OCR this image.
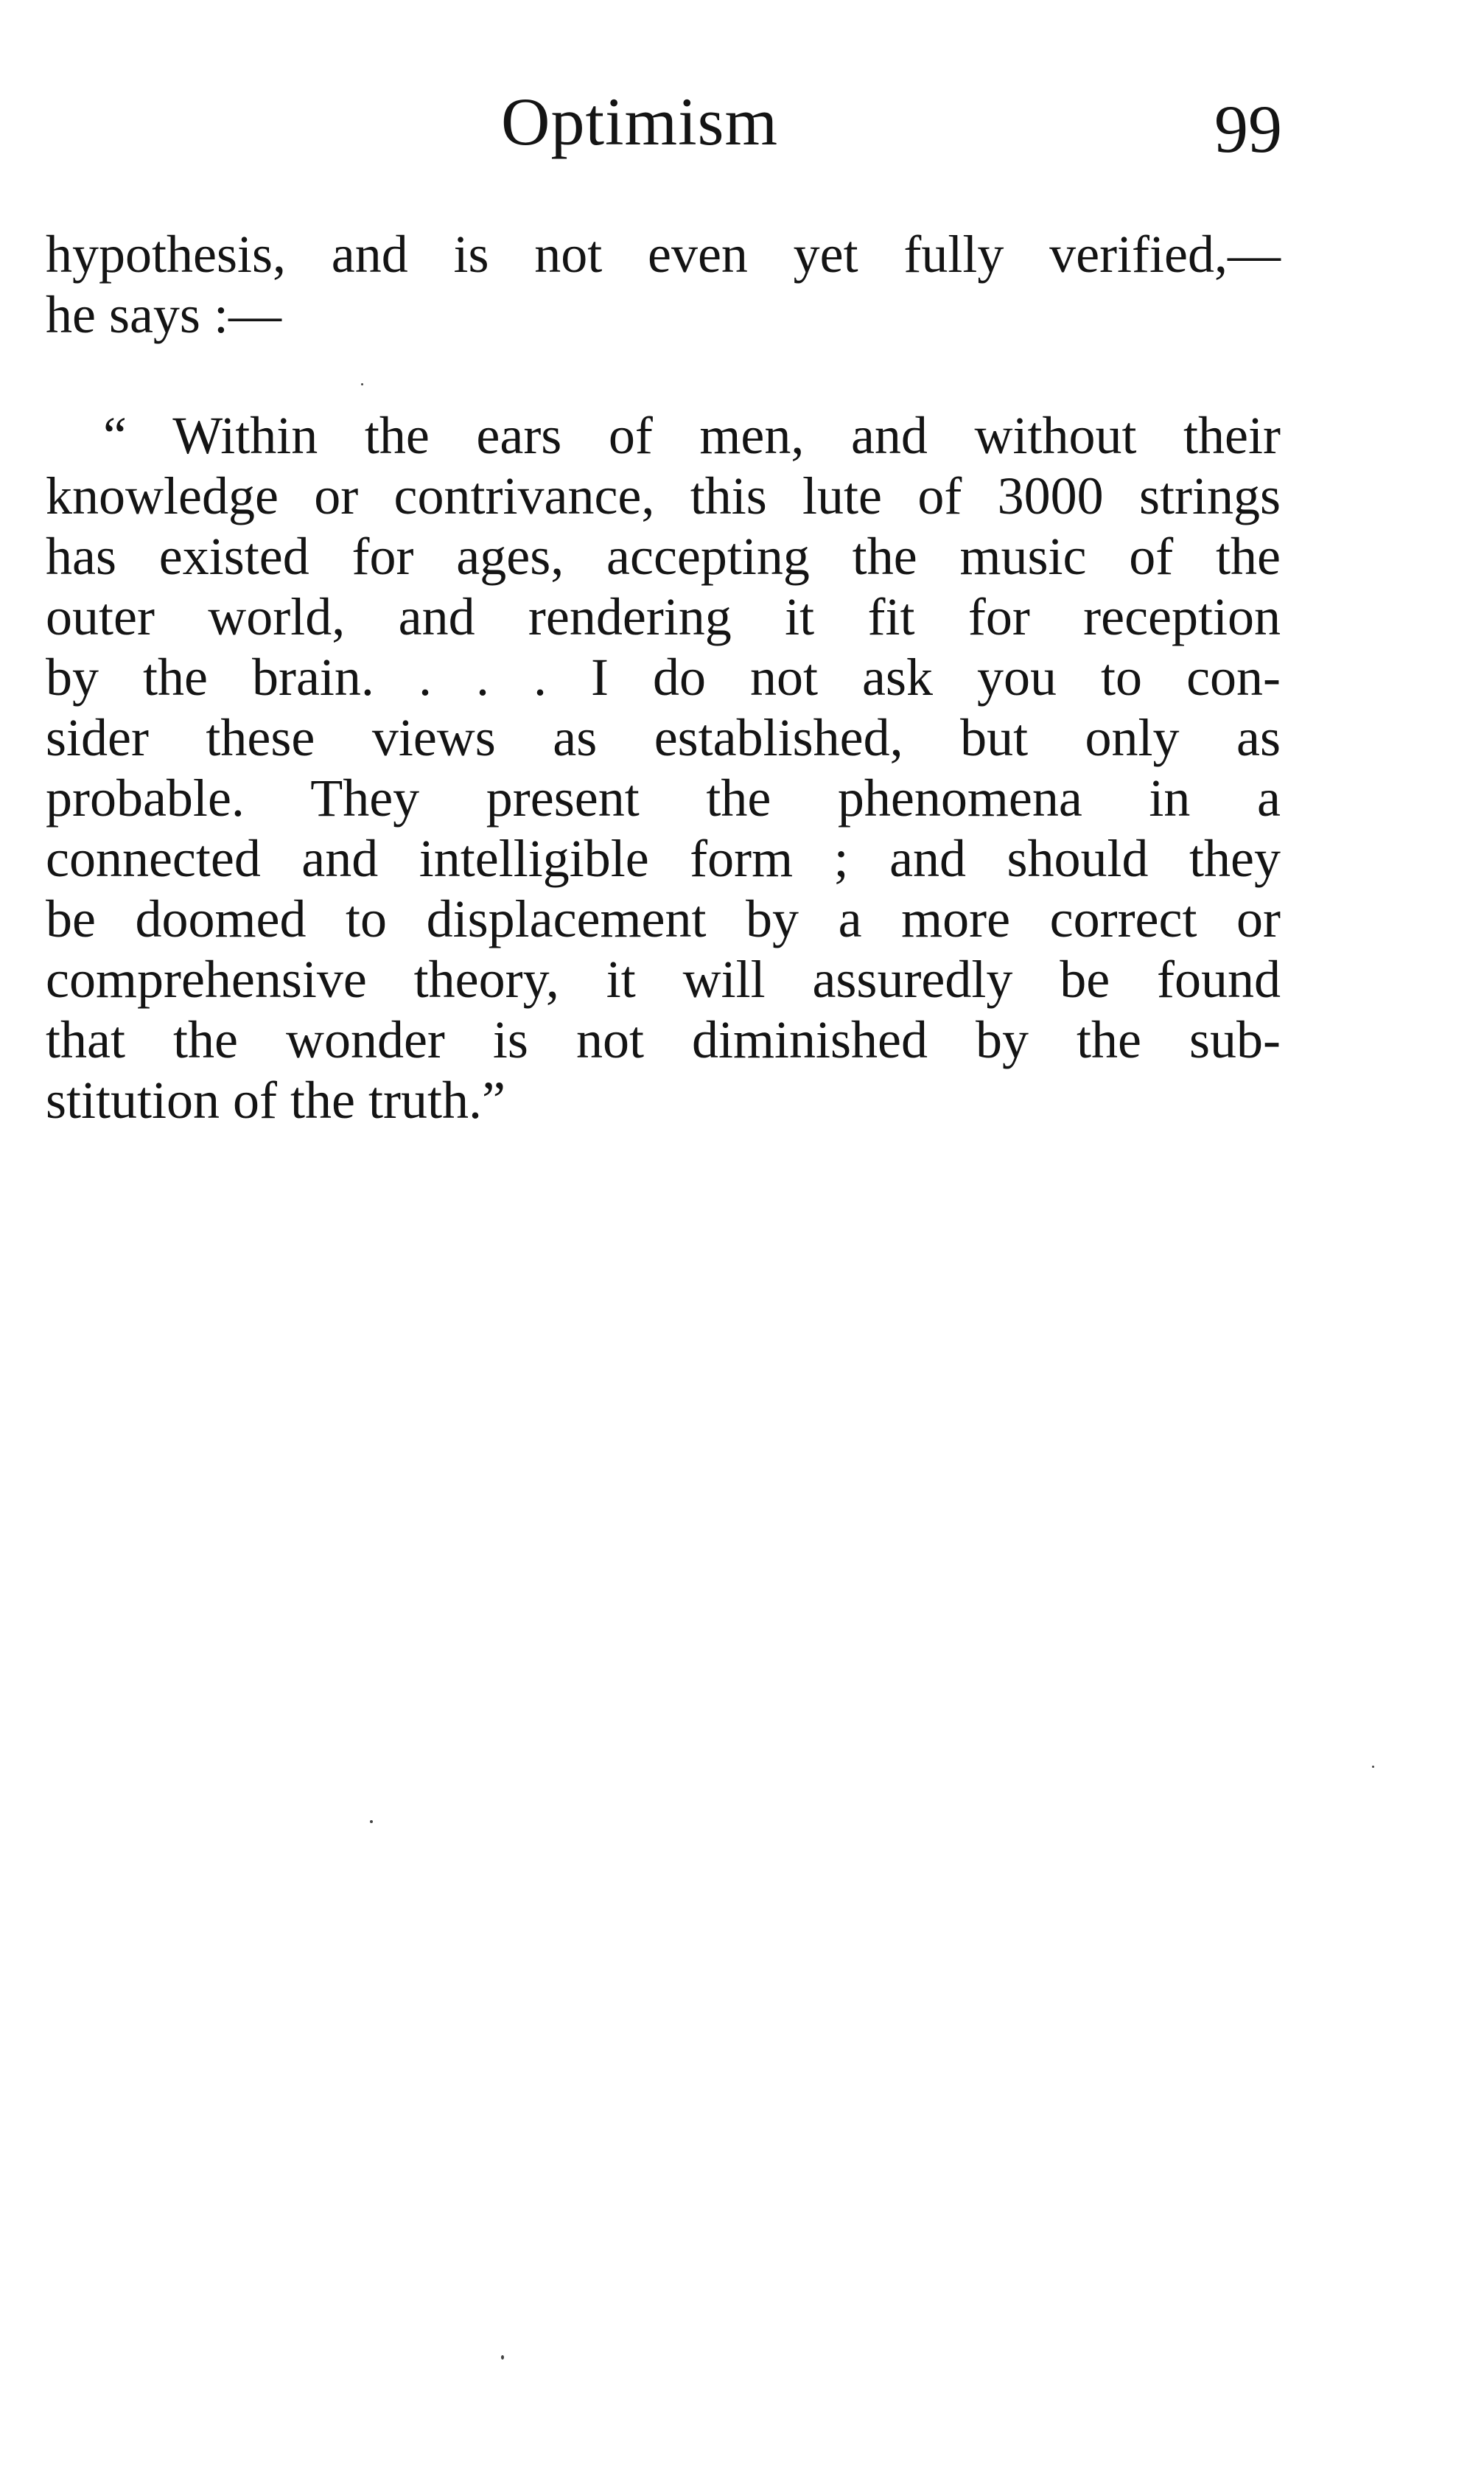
Optimism	99
hypothesis, and is not even yet fully verified,—
he says :—
“ Within the ears of men, and without their
knowledge or contrivance, this lute of 3000 strings
has existed for ages, accepting the music of the
outer world, and rendering it fit for reception
by the brain. . . . I do not ask you to con-
sider these views as established, but only as
probable. They present the phenomena in a
connected and intelligible form ; and should they
be doomed to displacement by a more correct or
comprehensive theory, it will assuredly be found
that the wonder is not diminished by the sub-
stitution of the truth.”
